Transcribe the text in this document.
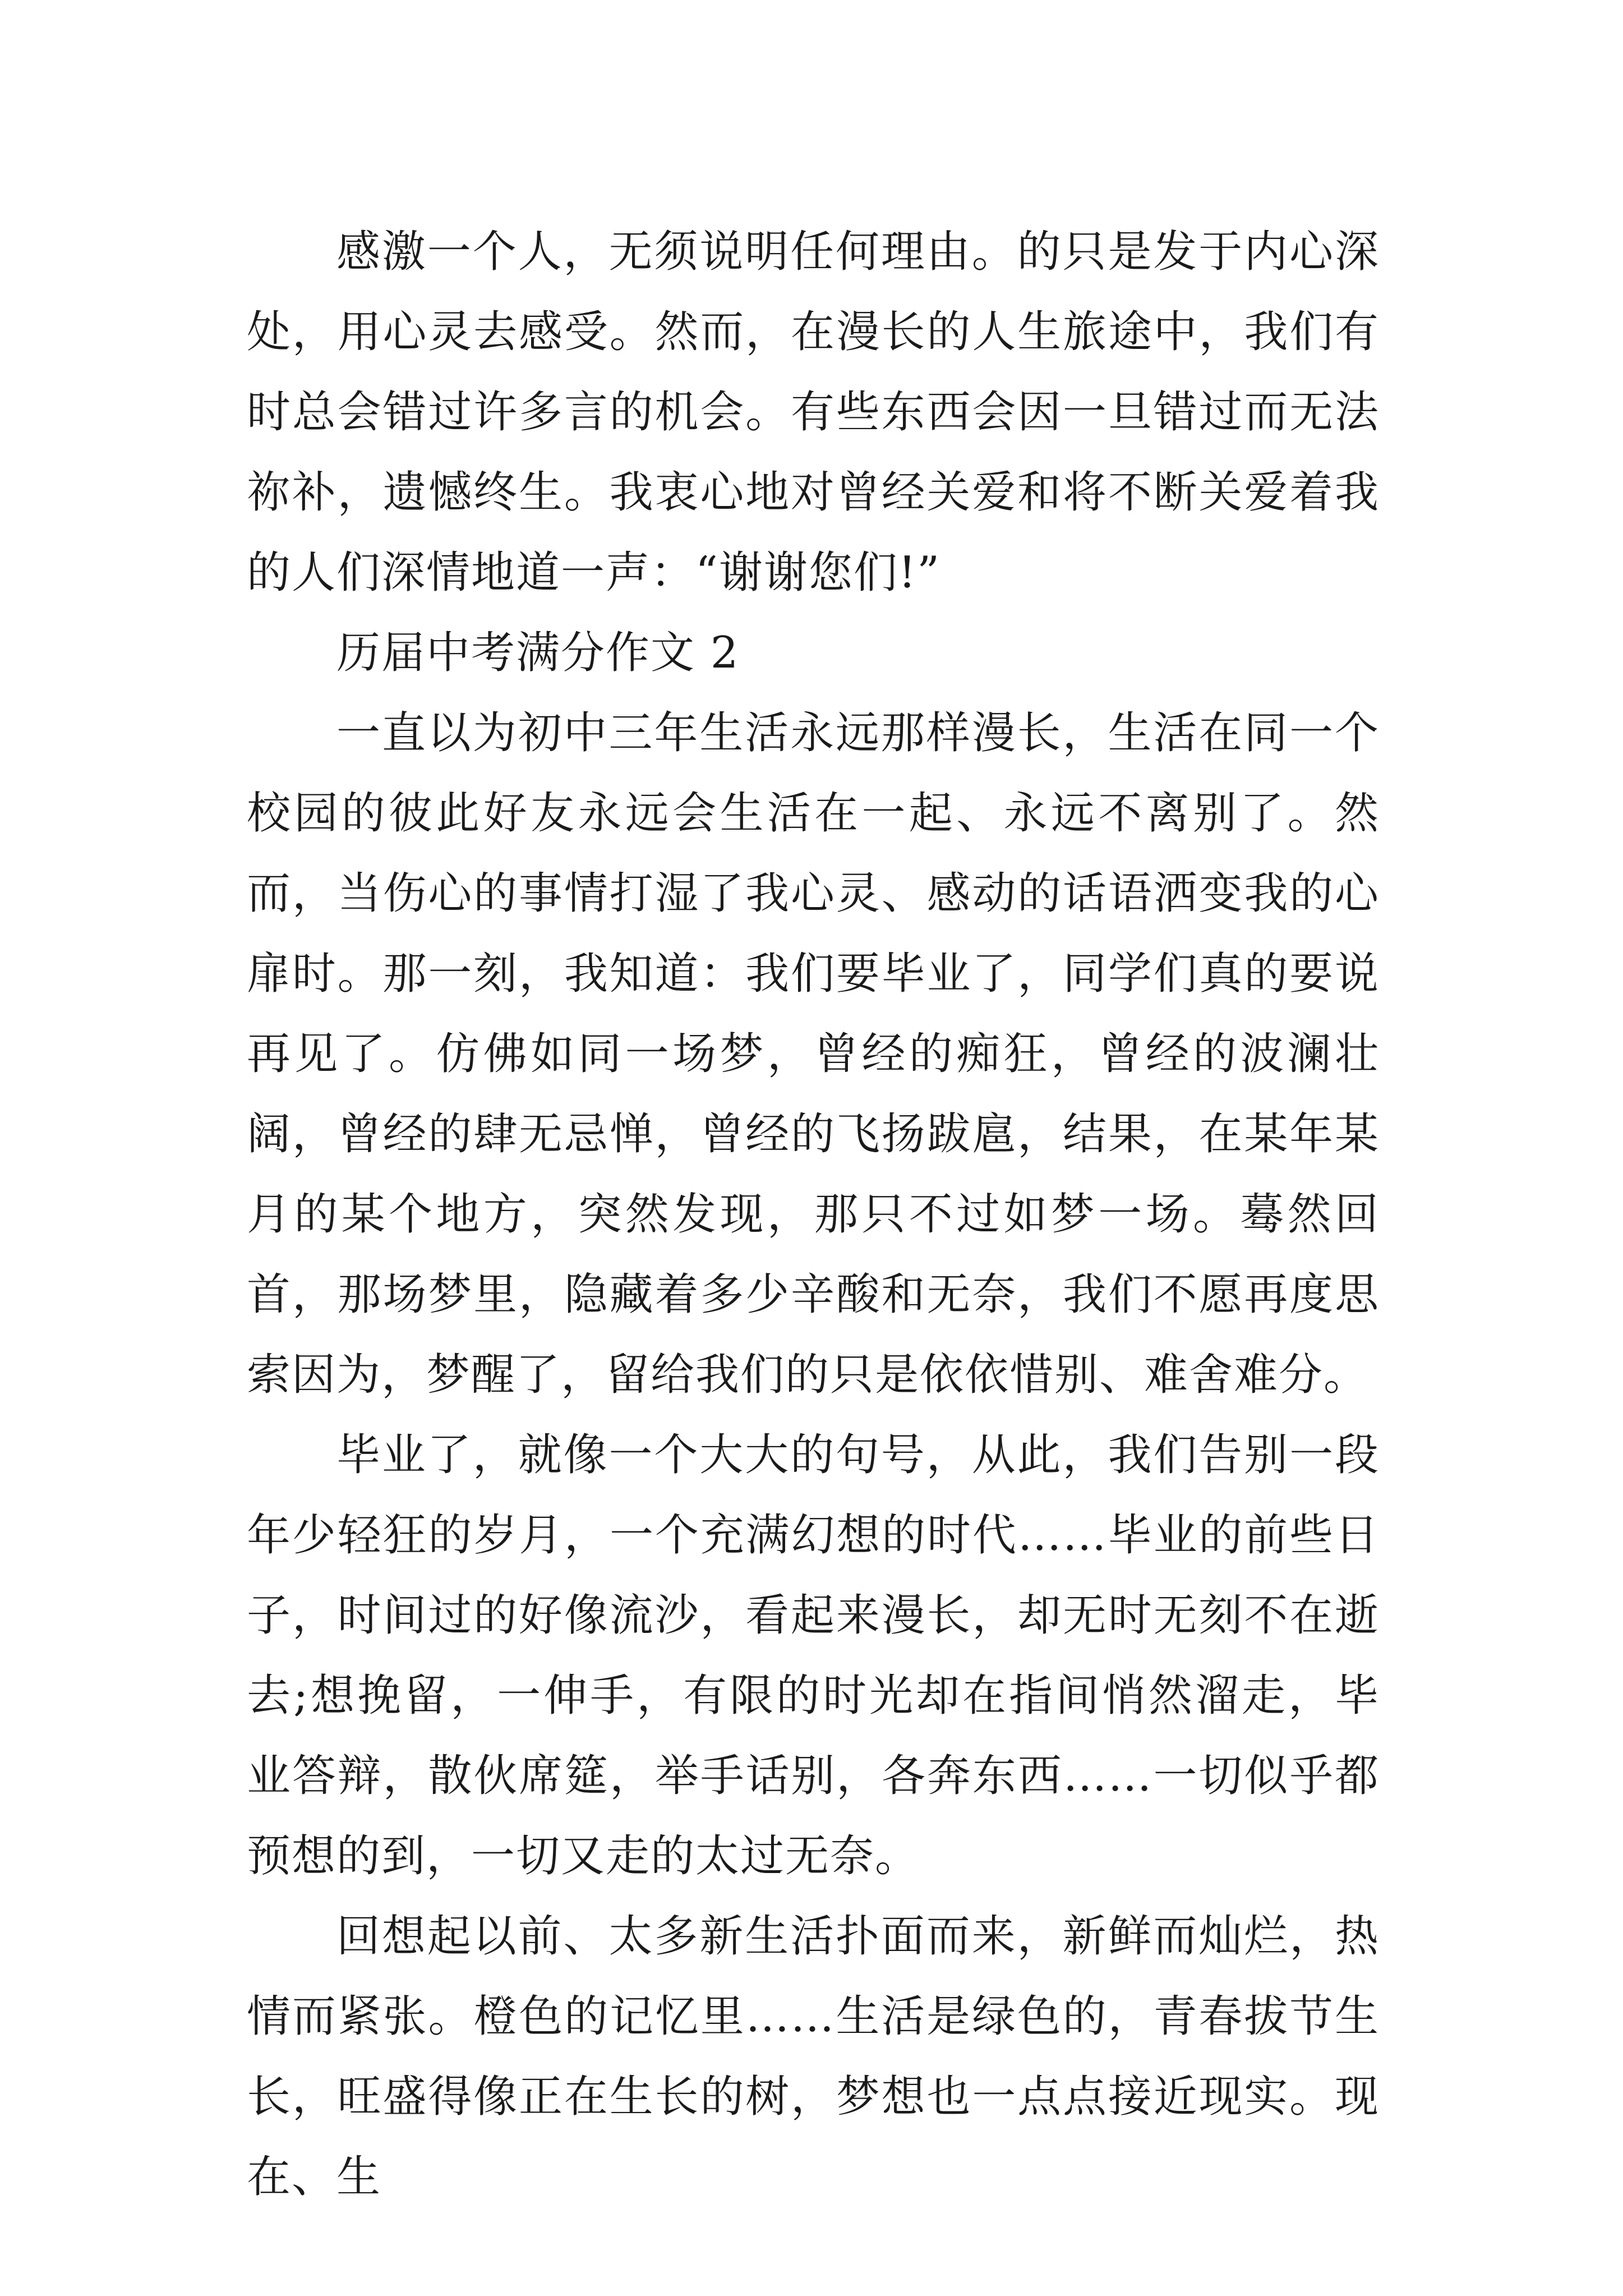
感激一个人，无须说明任何理由。的只是发于内心深处，用心灵去感受。然而，在漫长的人生旅途中，我们有时总会错过许多言的机会。有些东西会因一旦错过而无法祢补，遗憾终生。我衷心地对曾经关爱和将不断关爱着我的人们深情地道一声：“谢谢您们!”

历届中考满分作文 2

一直以为初中三年生活永远那样漫长，生活在同一个校园的彼此好友永远会生活在一起、永远不离别了。然而，当伤心的事情打湿了我心灵、感动的话语洒变我的心扉时。那一刻，我知道：我们要毕业了，同学们真的要说再见了。仿佛如同一场梦，曾经的痴狂，曾经的波澜壮阔，曾经的肆无忌惮，曾经的飞扬跋扈，结果，在某年某月的某个地方，突然发现，那只不过如梦一场。蓦然回首，那场梦里，隐藏着多少辛酸和无奈，我们不愿再度思索因为，梦醒了，留给我们的只是依依惜别、难舍难分。

毕业了，就像一个大大的句号，从此，我们告别一段年少轻狂的岁月，一个充满幻想的时代……毕业的前些日子，时间过的好像流沙，看起来漫长，却无时无刻不在逝去;想挽留，一伸手，有限的时光却在指间悄然溜走，毕业答辩，散伙席筵，举手话别，各奔东西……一切似乎都预想的到，一切又走的太过无奈。

回想起以前、太多新生活扑面而来，新鲜而灿烂，热情而紧张。橙色的记忆里……生活是绿色的，青春拔节生长，旺盛得像正在生长的树，梦想也一点点接近现实。现在、生
